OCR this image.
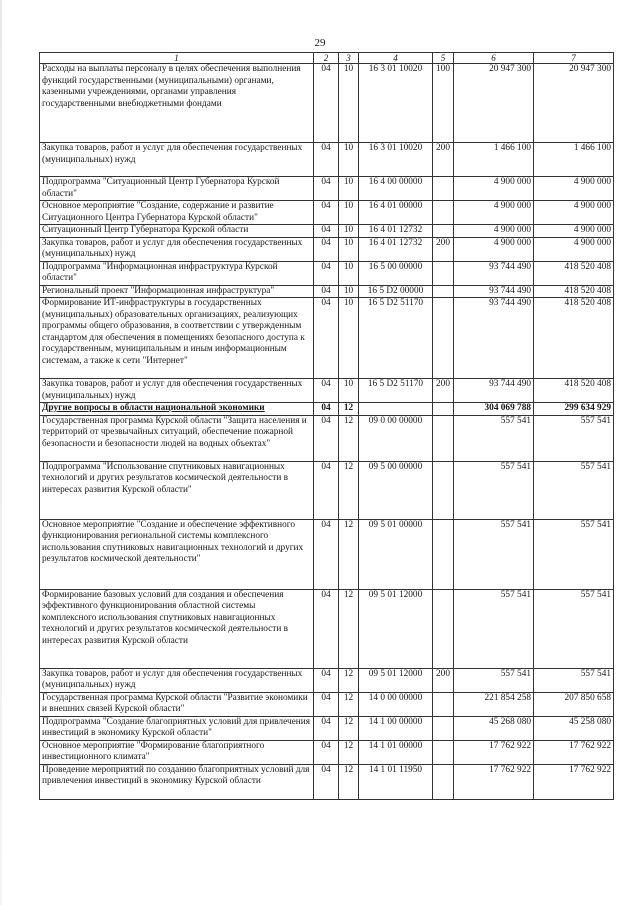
29
1	2	3	4	5	6	7
Расходы на выплаты персоналу в целях обеспечения выполнения функций государственными (муниципальными) органами, казенными учреждениями, органами управления государственными внебюджетными фондами	04	10	16 3 01 10020	100	20 947 300	20 947 300
Закупка товаров, работ и услуг для обеспечения государственных (муниципальных) нужд	04	10	16 3 01 10020	200	1 466 100	1 466 100
Подпрограмма "Ситуационный Центр Губернатора Курской области"	04	10	16 4 00 00000		4 900 000	4 900 000
Основное мероприятие "Создание, содержание и развитие Ситуационного Центра Губернатора Курской области"	04	10	16 4 01 00000		4 900 000	4 900 000
Ситуационный Центр Губернатора Курской области	04	10	16 4 01 12732		4 900 000	4 900 000
Закупка товаров, работ и услуг для обеспечения государственных (муниципальных) нужд	04	10	16 4 01 12732	200	4 900 000	4 900 000
Подпрограмма "Информационная инфраструктура Курской области"	04	10	16 5 00 00000		93 744 490	418 520 408
Региональный проект "Информационная инфраструктура"	04	10	16 5 D2 00000		93 744 490	418 520 408
Формирование ИТ-инфраструктуры в государственных (муниципальных) образовательных организациях, реализующих программы общего образования, в соответствии с утвержденным стандартом для обеспечения в помещениях безопасного доступа к государственным, муниципальным и иным информационным системам, а также к сети "Интернет"	04	10	16 5 D2 51170		93 744 490	418 520 408
Закупка товаров, работ и услуг для обеспечения государственных (муниципальных) нужд	04	10	16 5 D2 51170	200	93 744 490	418 520 408
Другие вопросы в области национальной экономики	04	12			304 069 788	299 634 929
Государственная программа Курской области "Защита населения и территорий от чрезвычайных ситуаций, обеспечение пожарной безопасности и безопасности людей на водных объектах"	04	12	09 0 00 00000		557 541	557 541
Подпрограмма "Использование спутниковых навигационных технологий и других результатов космической деятельности в интересах развития Курской области"	04	12	09 5 00 00000		557 541	557 541
Основное мероприятие "Создание и обеспечение эффективного функционирования региональной системы комплексного использования спутниковых навигационных технологий и других результатов космической деятельности"	04	12	09 5 01 00000		557 541	557 541
Формирование базовых условий для создания и обеспечения эффективного функционирования областной системы комплексного использования спутниковых навигационных технологий и других результатов космической деятельности в интересах развития Курской области	04	12	09 5 01 12000		557 541	557 541
Закупка товаров, работ и услуг для обеспечения государственных (муниципальных) нужд	04	12	09 5 01 12000	200	557 541	557 541
Государственная программа Курской области "Развитие экономики и внешних связей Курской области"	04	12	14 0 00 00000		221 854 258	207 850 658
Подпрограмма "Создание благоприятных условий для привлечения инвестиций в экономику Курской области"	04	12	14 1 00 00000		45 268 080	45 258 080
Основное мероприятие "Формирование благоприятного инвестиционного климата"	04	12	14 1 01 00000		17 762 922	17 762 922
Проведение мероприятий по созданию благоприятных условий для привлечения инвестиций в экономику Курской области	04	12	14 1 01 11950		17 762 922	17 762 922
